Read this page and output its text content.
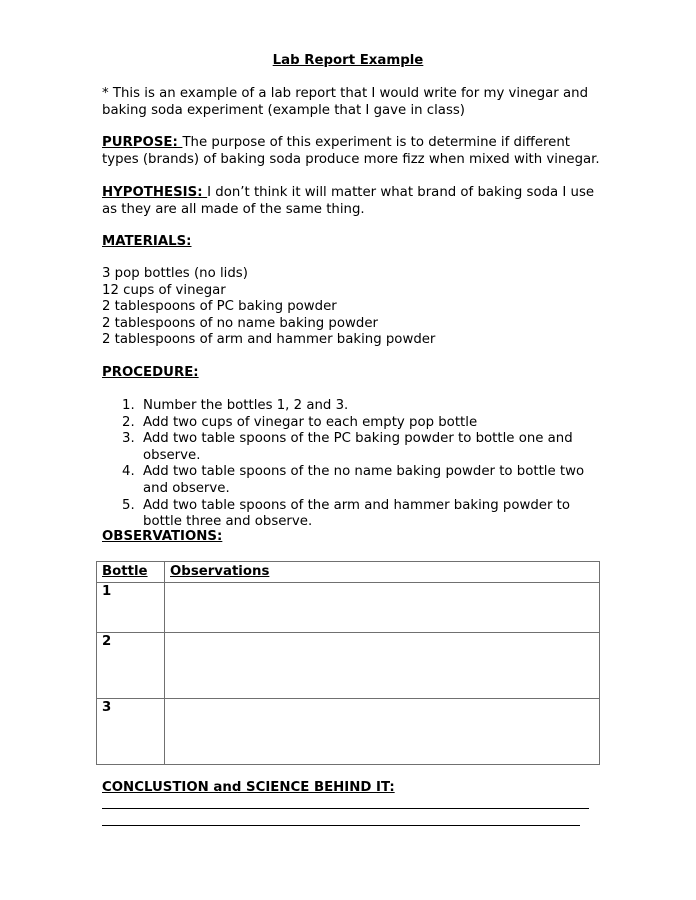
Lab Report Example
* This is an example of a lab report that I would write for my vinegar and baking soda experiment (example that I gave in class)
PURPOSE: The purpose of this experiment is to determine if different types (brands) of baking soda produce more fizz when mixed with vinegar.
HYPOTHESIS: I don’t think it will matter what brand of baking soda I use as they are all made of the same thing.
MATERIALS:
3 pop bottles (no lids)
12 cups of vinegar
2 tablespoons of PC baking powder
2 tablespoons of no name baking powder
2 tablespoons of arm and hammer baking powder
PROCEDURE:
1. Number the bottles 1, 2 and 3.
2. Add two cups of vinegar to each empty pop bottle
3. Add two table spoons of the PC baking powder to bottle one and observe.
4. Add two table spoons of the no name baking powder to bottle two and observe.
5. Add two table spoons of the arm and hammer baking powder to bottle three and observe.
OBSERVATIONS:
Bottle	Observations
1	
2	
3	
CONCLUSTION and SCIENCE BEHIND IT:
